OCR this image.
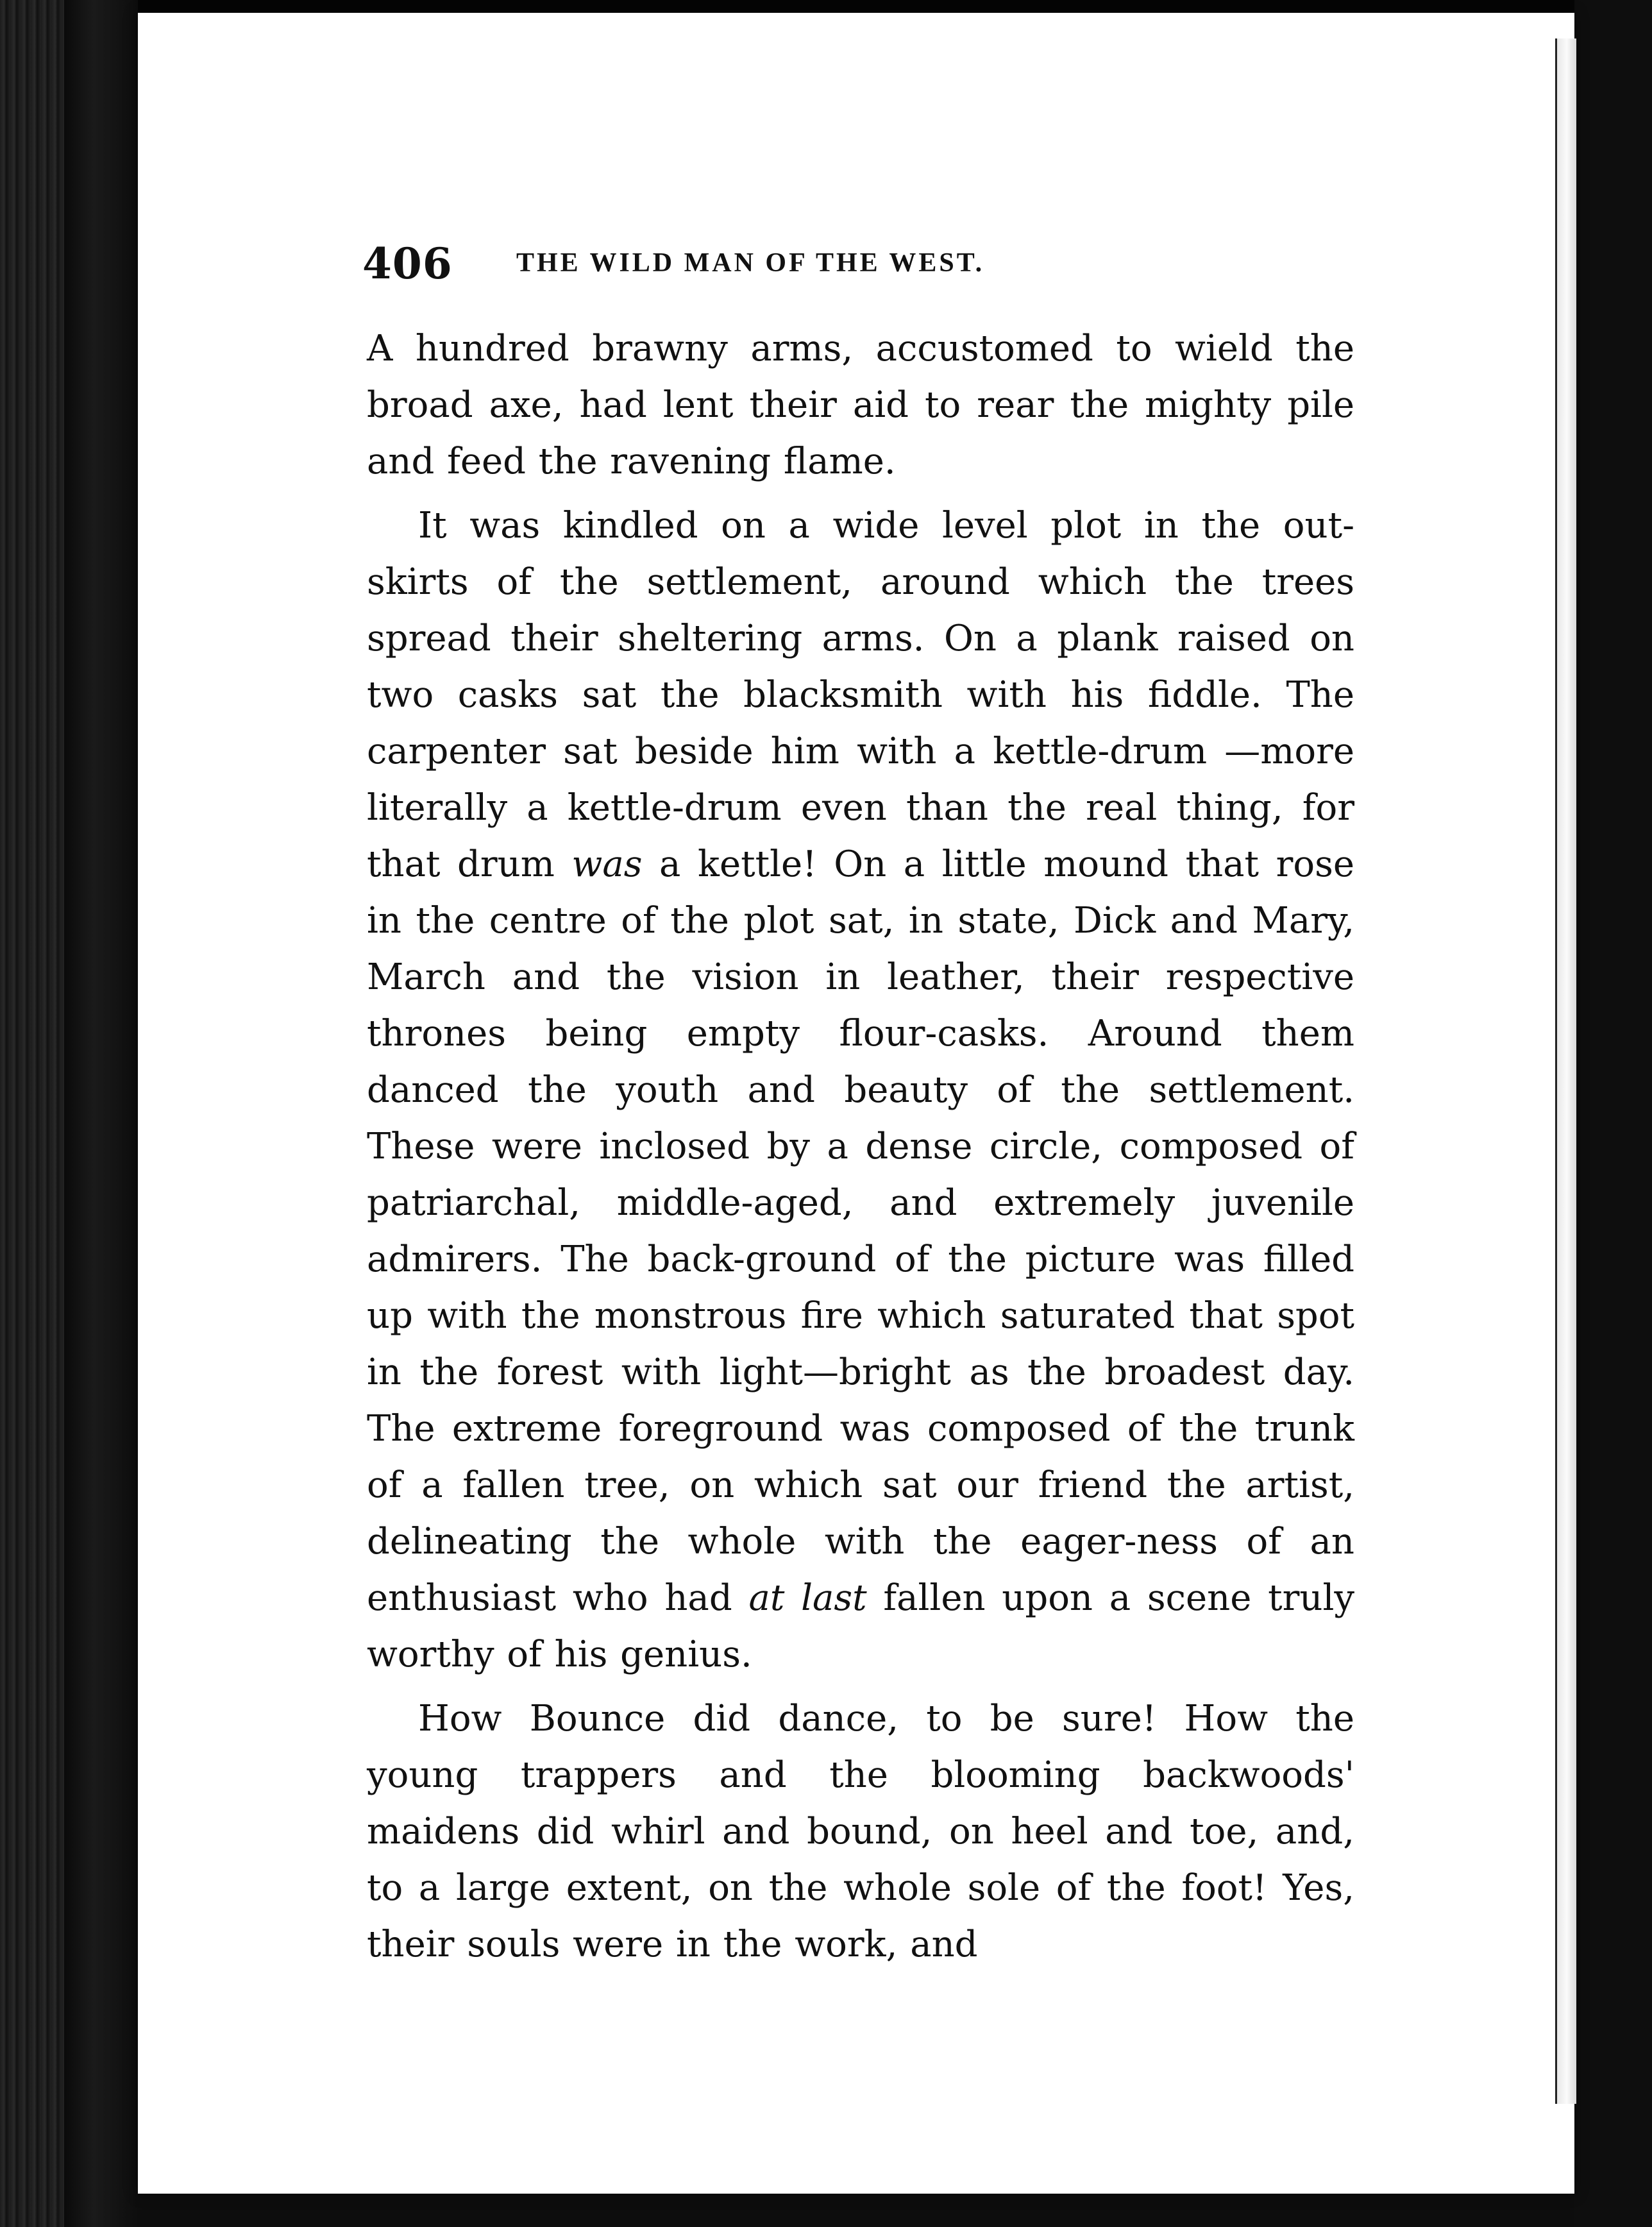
406 THE WILD MAN OF THE WEST.

A hundred brawny arms, accustomed to wield the broad axe, had lent their aid to rear the mighty pile and feed the ravening flame.

It was kindled on a wide level plot in the out-skirts of the settlement, around which the trees spread their sheltering arms. On a plank raised on two casks sat the blacksmith with his fiddle. The carpenter sat beside him with a kettle-drum —more literally a kettle-drum even than the real thing, for that drum was a kettle! On a little mound that rose in the centre of the plot sat, in state, Dick and Mary, March and the vision in leather, their respective thrones being empty flour-casks. Around them danced the youth and beauty of the settlement. These were inclosed by a dense circle, composed of patriarchal, middle-aged, and extremely juvenile admirers. The back-ground of the picture was filled up with the monstrous fire which saturated that spot in the forest with light—bright as the broadest day. The extreme foreground was composed of the trunk of a fallen tree, on which sat our friend the artist, delineating the whole with the eager-ness of an enthusiast who had at last fallen upon a scene truly worthy of his genius.

How Bounce did dance, to be sure! How the young trappers and the blooming backwoods' maidens did whirl and bound, on heel and toe, and, to a large extent, on the whole sole of the foot! Yes, their souls were in the work, and
